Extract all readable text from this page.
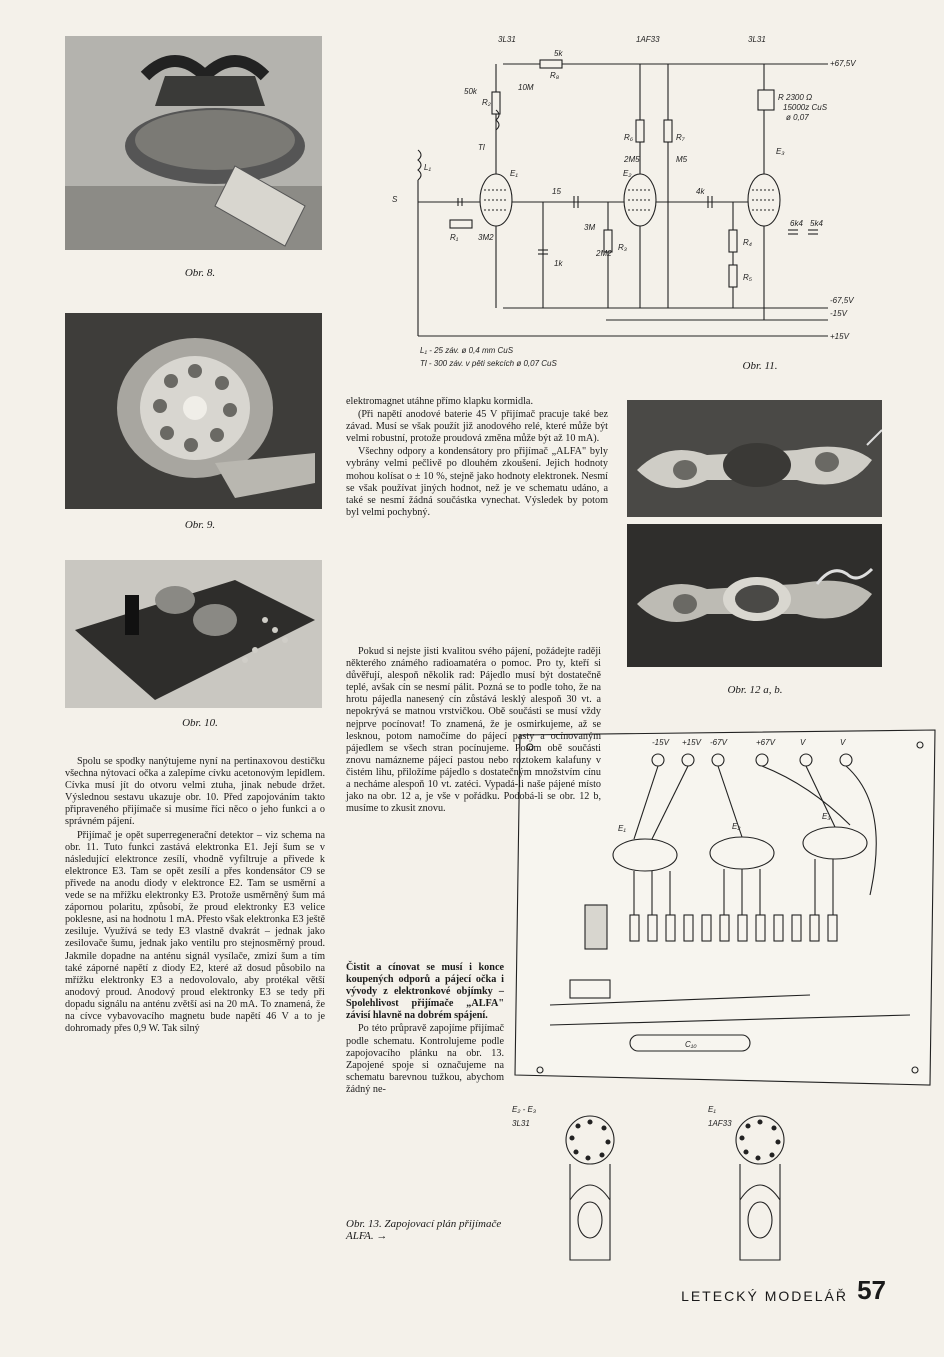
Obr. 8.
Obr. 9.
Obr. 10.
3L31	1AF33	3L31
+67,5V
-67,5V
-15V
+15V
R 2300 Ω
15000z CuS
ø 0,07
E₁	E₂
E₃
R₁
R₂
R₃
R₄
R₅
R₆	R₇
R₈
Tl
L₁
S
L₁ - 25 záv. ø 0,4 mm CuS
Tl - 300 záv. v pěti sekcích ø 0,07 CuS
5k
10M
50k
3M
2M2
2M5	M5
3M2
15	4k
1k
6k4 5k4
Obr. 11.
Obr. 12 a, b.
-15V +15V -67V	+67V	V	V
E₁	E₂
E₃
C₁₀
E₂ - E₃
3L31
E₁
1AF33

Spolu se spodky nanýtujeme nyní na pertinaxovou destičku všechna nýtovací očka a zalepíme cívku acetonovým lepidlem. Cívka musí jít do otvoru velmi ztuha, jinak nebude držet. Výslednou sestavu ukazuje obr. 10. Před zapojováním takto připraveného přijímače si musíme říci něco o jeho funkci a o správném pájení.

Přijímač je opět superregenerační detektor – viz schema na obr. 11. Tuto funkci zastává elektronka E1. Její šum se v následující elektronce zesílí, vhodně vyfiltruje a přivede k elektronce E3. Tam se opět zesílí a přes kondensátor C9 se přivede na anodu diody v elektronce E2. Tam se usměrní a vede se na mřížku elektronky E3. Protože usměrněný šum má zápornou polaritu, způsobí, že proud elektronky E3 velice poklesne, asi na hodnotu 1 mA. Přesto však elektronka E3 ještě zesiluje. Využívá se tedy E3 vlastně dvakrát – jednak jako zesilovače šumu, jednak jako ventilu pro stejnosměrný proud. Jakmile dopadne na anténu signál vysílače, zmizí šum a tím také záporné napětí z diody E2, které až dosud působilo na mřížku elektronky E3 a nedovolovalo, aby protékal větší anodový proud. Anodový proud elektronky E3 se tedy při dopadu signálu na anténu zvětší asi na 20 mA. To znamená, že na cívce vybavovacího magnetu bude napětí 46 V a to je dohromady přes 0,9 W. Tak silný

elektromagnet utáhne přímo klapku kormidla.

(Při napětí anodové baterie 45 V přijímač pracuje také bez závad. Musí se však použít již anodového relé, které může být velmi robustní, protože proudová změna může být až 10 mA).

Všechny odpory a kondensátory pro přijímač „ALFA" byly vybrány velmi pečlivě po dlouhém zkoušení. Jejich hodnoty mohou kolísat o ± 10 %, stejně jako hodnoty elektronek. Nesmí se však používat jiných hodnot, než je ve schematu udáno, a také se nesmí žádná součástka vynechat. Výsledek by potom byl velmi pochybný.

Pokud si nejste jisti kvalitou svého pájení, požádejte raději některého známého radioamatéra o pomoc. Pro ty, kteří si důvěřují, alespoň několik rad: Pájedlo musí být dostatečně teplé, avšak cín se nesmí pálit. Pozná se to podle toho, že na hrotu pájedla nanesený cín zůstává lesklý alespoň 30 vt. a nepokrývá se matnou vrstvičkou. Obě součásti se musí vždy nejprve pocínovat! To znamená, že je osmirkujeme, až se lesknou, potom namočíme do pájecí pasty a ocínovaným pájedlem se všech stran pocínujeme. Potom obě součásti znovu namázneme pájecí pastou nebo roztokem kalafuny v čistém lihu, přiložíme pájedlo s dostatečným množstvím cínu a necháme alespoň 10 vt. zatéci. Vypadá-li naše pájené místo jako na obr. 12 a, je vše v pořádku. Podobá-li se obr. 12 b, musíme to zkusit znovu.

Čistit a cínovat se musí i konce koupených odporů a pájecí očka i vývody z elektronkové objímky – Spolehlivost přijímače „ALFA" závisí hlavně na dobrém spájení.

Po této průpravě zapojíme přijímač podle schematu. Kontrolujeme podle zapojovacího plánku na obr. 13. Zapojené spoje si označujeme na schematu barevnou tužkou, abychom žádný ne-

Obr. 13. Zapojovací plán přijímače ALFA. →
LETECKÝ MODELÁŘ 57
